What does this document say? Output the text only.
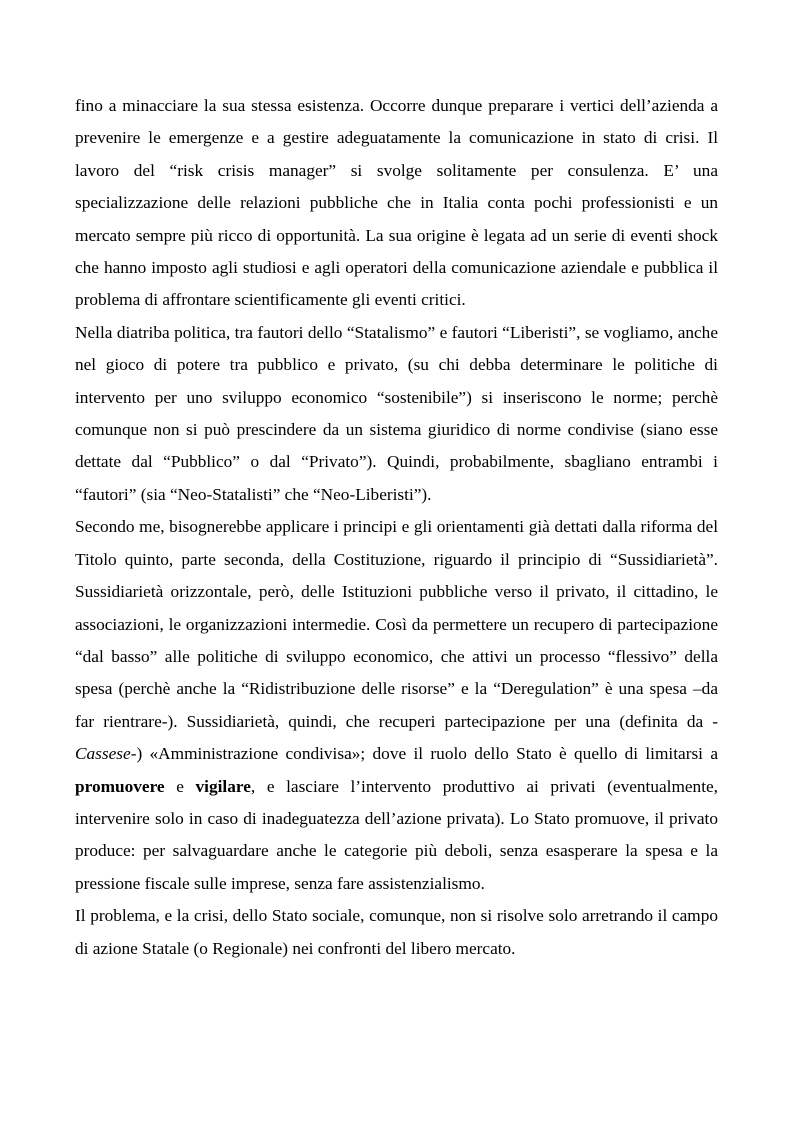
fino a minacciare la sua stessa esistenza. Occorre dunque preparare i vertici dell’azienda a prevenire le emergenze e a gestire adeguatamente la comunicazione in stato di crisi. Il lavoro del “risk crisis manager” si svolge solitamente per consulenza. E’ una specializzazione delle relazioni pubbliche che in Italia conta pochi professionisti e un mercato sempre più ricco di opportunità. La sua origine è legata ad un serie di eventi shock che hanno imposto agli studiosi e agli operatori della comunicazione aziendale e pubblica il problema di affrontare scientificamente gli eventi critici.

Nella diatriba politica, tra fautori dello “Statalismo” e fautori “Liberisti”, se vogliamo, anche nel gioco di potere tra pubblico e privato, (su chi debba determinare le politiche di intervento per uno sviluppo economico “sostenibile”) si inseriscono le norme; perchè comunque non si può prescindere da un sistema giuridico di norme condivise (siano esse dettate dal “Pubblico” o dal “Privato”). Quindi, probabilmente, sbagliano entrambi i “fautori” (sia “Neo-Statalisti” che “Neo-Liberisti”).

Secondo me, bisognerebbe applicare i principi e gli orientamenti già dettati dalla riforma del Titolo quinto, parte seconda, della Costituzione, riguardo il principio di “Sussidiarietà”. Sussidiarietà orizzontale, però, delle Istituzioni pubbliche verso il privato, il cittadino, le associazioni, le organizzazioni intermedie. Così da permettere un recupero di partecipazione “dal basso” alle politiche di sviluppo economico, che attivi un processo “flessivo” della spesa (perchè anche la “Ridistribuzione delle risorse” e la “Deregulation” è una spesa –da far rientrare-). Sussidiarietà, quindi, che recuperi partecipazione per una (definita da -Cassese-) «Amministrazione condivisa»; dove il ruolo dello Stato è quello di limitarsi a promuovere e vigilare, e lasciare l’intervento produttivo ai privati (eventualmente, intervenire solo in caso di inadeguatezza dell’azione privata). Lo Stato promuove, il privato produce: per salvaguardare anche le categorie più deboli, senza esasperare la spesa e la pressione fiscale sulle imprese, senza fare assistenzialismo.

Il problema, e la crisi, dello Stato sociale, comunque, non si risolve solo arretrando il campo di azione Statale (o Regionale) nei confronti del libero mercato.
